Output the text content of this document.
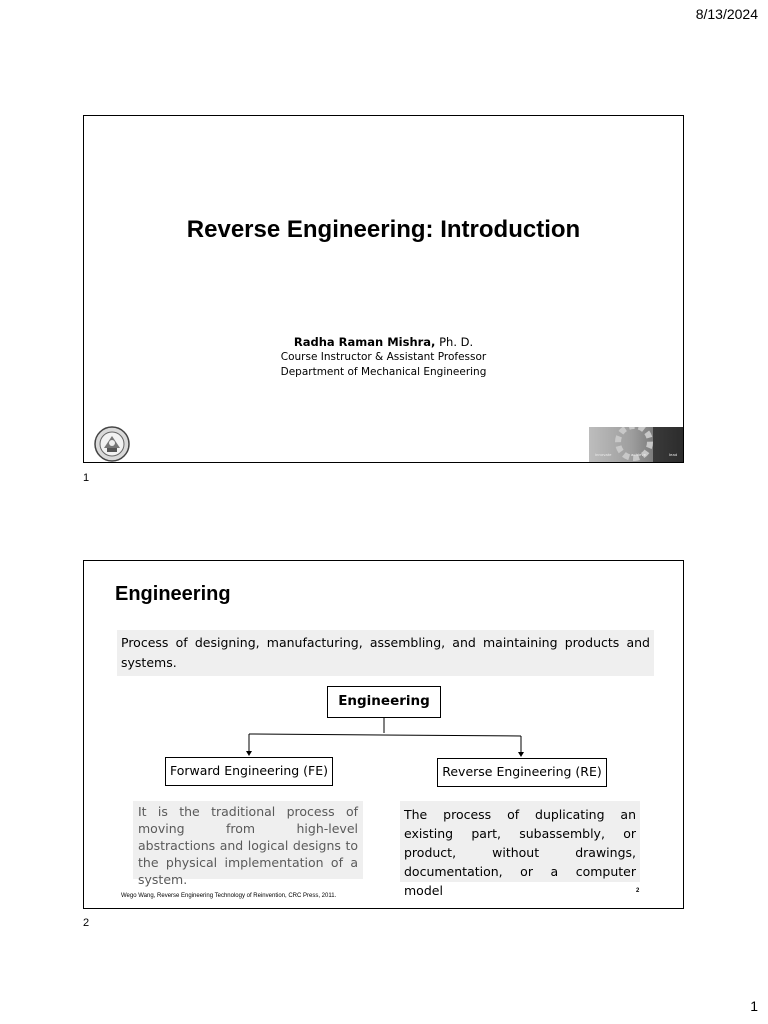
8/13/2024
Reverse Engineering: Introduction
Radha Raman Mishra, Ph. D.
Course Instructor & Assistant Professor
Department of Mechanical Engineering
innovate	achieve	lead
1
Engineering
Process of designing, manufacturing, assembling, and maintaining products and systems.
Engineering
Forward Engineering (FE)	Reverse Engineering (RE)
It is the traditional process of moving from high-level abstractions and logical designs to the physical implementation of a system.
The process of duplicating an existing part, subassembly, or product, without drawings, documentation, or a computer model
Wego Wang, Reverse Engineering Technology of Reinvention, CRC Press, 2011.
2
2
1
